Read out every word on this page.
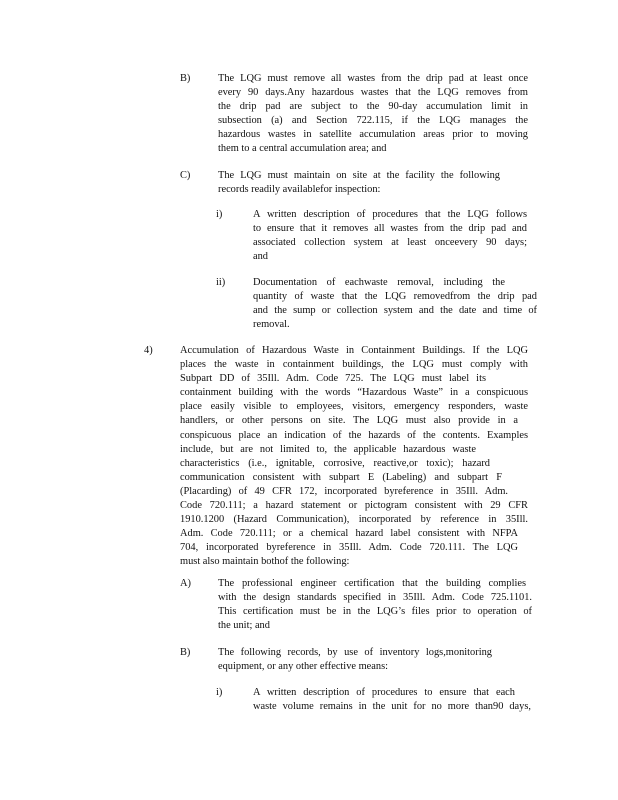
B)	The LQG must remove all wastes from the drip pad at least once
every 90 days.Any hazardous wastes that the LQG removes from
the drip pad are subject to the 90-day accumulation limit in
subsection (a) and Section 722.115, if the LQG manages the
hazardous wastes in satellite accumulation areas prior to moving
them to a central accumulation area; and
C)	The LQG must maintain on site at the facility the following
records readily availablefor inspection:
i)	A written description of procedures that the LQG follows
to ensure that it removes all wastes from the drip pad and
associated collection system at least onceevery 90 days;
and
ii)	Documentation of eachwaste removal, including the
quantity of waste that the LQG removedfrom the drip pad
and the sump or collection system and the date and time of
removal.
4)	Accumulation of Hazardous Waste in Containment Buildings. If the LQG
places the waste in containment buildings, the LQG must comply with
Subpart DD of 35Ill. Adm. Code 725. The LQG must label its
containment building with the words “Hazardous Waste” in a conspicuous
place easily visible to employees, visitors, emergency responders, waste
handlers, or other persons on site. The LQG must also provide in a
conspicuous place an indication of the hazards of the contents. Examples
include, but are not limited to, the applicable hazardous waste
characteristics (i.e., ignitable, corrosive, reactive,or toxic); hazard
communication consistent with subpart E (Labeling) and subpart F
(Placarding) of 49 CFR 172, incorporated byreference in 35Ill. Adm.
Code 720.111; a hazard statement or pictogram consistent with 29 CFR
1910.1200 (Hazard Communication), incorporated by reference in 35Ill.
Adm. Code 720.111; or a chemical hazard label consistent with NFPA
704, incorporated byreference in 35Ill. Adm. Code 720.111. The LQG
must also maintain bothof the following:
A)	The professional engineer certification that the building complies
with the design standards specified in 35Ill. Adm. Code 725.1101.
This certification must be in the LQG’s files prior to operation of
the unit; and
B)	The following records, by use of inventory logs,monitoring
equipment, or any other effective means:
i)	A written description of procedures to ensure that each
waste volume remains in the unit for no more than90 days,
